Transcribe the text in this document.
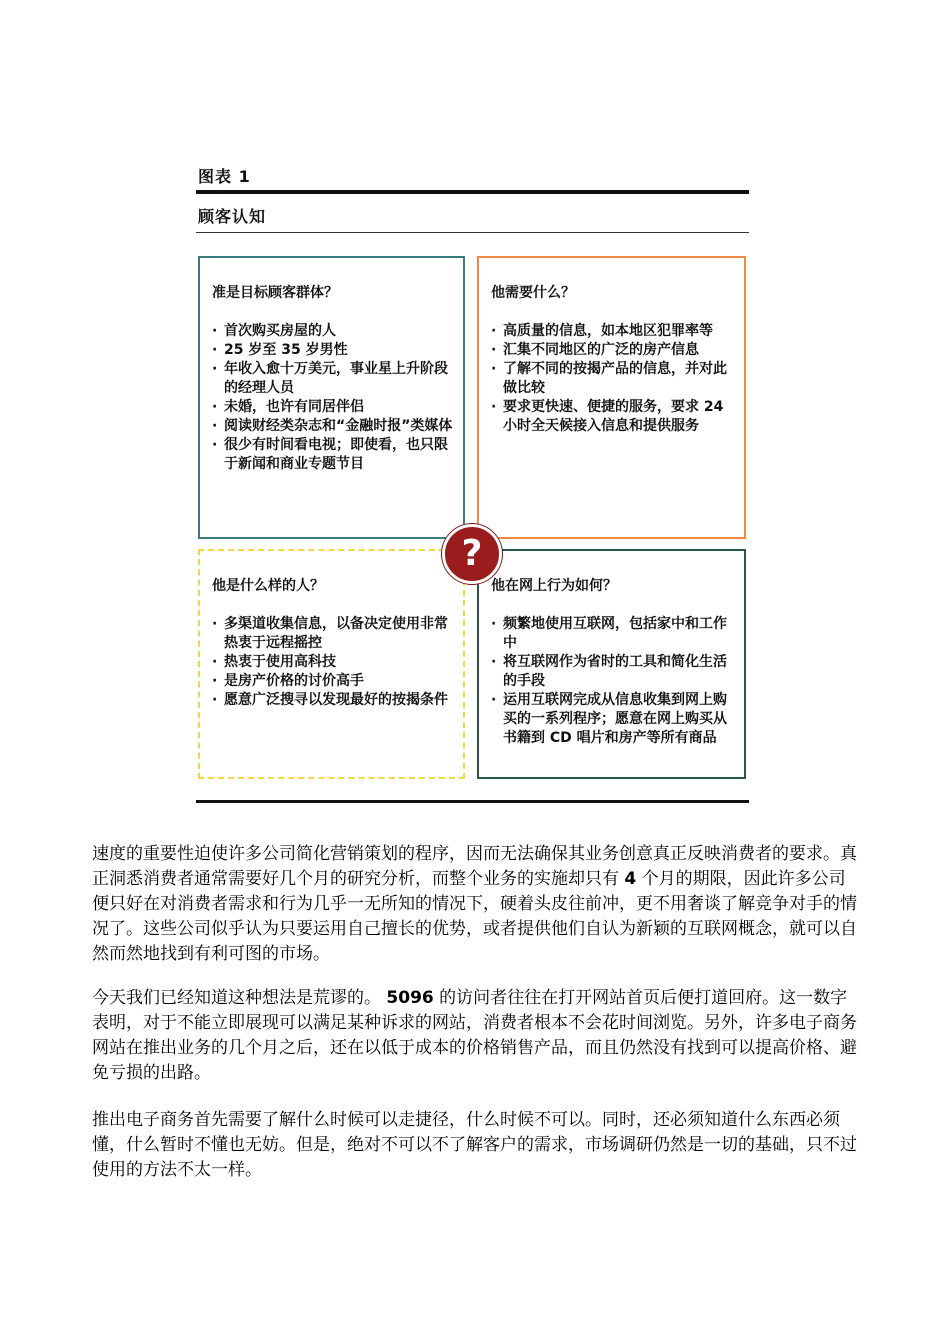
图表 1
顾客认知
准是目标顾客群体？
· 首次购买房屋的人
· 25 岁至 35 岁男性
· 年收入愈十万美元，事业星上升阶段的经理人员
· 未婚，也许有同居伴侣
· 阅读财经类杂志和“金融时报”类媒体
· 很少有时间看电视；即使看，也只限于新闻和商业专题节目
他需要什么？
· 高质量的信息，如本地区犯罪率等
· 汇集不同地区的广泛的房产信息
· 了解不同的按揭产品的信息，并对此做比较
· 要求更快速、便捷的服务，要求 24 小时全天候接入信息和提供服务
他是什么样的人？
· 多渠道收集信息，以备决定使用非常热衷于远程摇控
· 热衷于使用高科技
· 是房产价格的讨价高手
· 愿意广泛搜寻以发现最好的按揭条件
他在网上行为如何？
· 频繁地使用互联网，包括家中和工作中
· 将互联网作为省时的工具和简化生活的手段
· 运用互联网完成从信息收集到网上购买的一系列程序；愿意在网上购买从书籍到 CD 唱片和房产等所有商品
?

速度的重要性迫使许多公司简化营销策划的程序，因而无法确保其业务创意真正反映消费者的要求。真正洞悉消费者通常需要好几个月的研究分析，而整个业务的实施却只有 4 个月的期限，因此许多公司便只好在对消费者需求和行为几乎一无所知的情况下，硬着头皮往前冲，更不用奢谈了解竞争对手的情况了。这些公司似乎认为只要运用自己擅长的优势，或者提供他们自认为新颖的互联网概念，就可以自然而然地找到有利可图的市场。

今天我们已经知道这种想法是荒谬的。 5096 的访问者往往在打开网站首页后便打道回府。这一数字表明，对于不能立即展现可以满足某种诉求的网站，消费者根本不会花时间浏览。另外，许多电子商务网站在推出业务的几个月之后，还在以低于成本的价格销售产品，而且仍然没有找到可以提高价格、避免亏损的出路。

推出电子商务首先需要了解什么时候可以走捷径，什么时候不可以。同时，还必须知道什么东西必须懂，什么暂时不懂也无妨。但是，绝对不可以不了解客户的需求，市场调研仍然是一切的基础，只不过使用的方法不太一样。
